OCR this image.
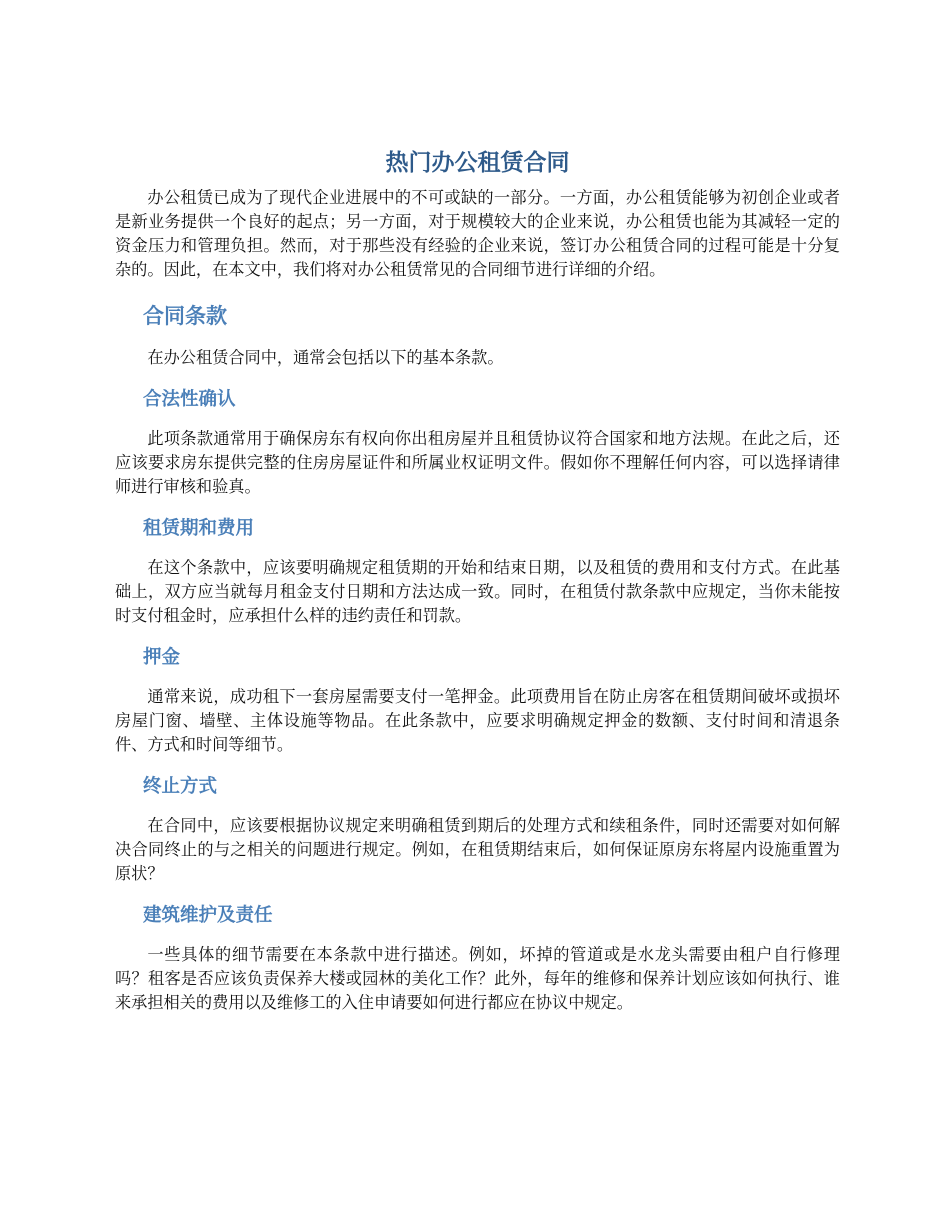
热门办公租赁合同

办公租赁已成为了现代企业进展中的不可或缺的一部分。一方面，办公租赁能够为初创企业或者是新业务提供一个良好的起点；另一方面，对于规模较大的企业来说，办公租赁也能为其减轻一定的资金压力和管理负担。然而，对于那些没有经验的企业来说，签订办公租赁合同的过程可能是十分复杂的。因此，在本文中，我们将对办公租赁常见的合同细节进行详细的介绍。

合同条款

在办公租赁合同中，通常会包括以下的基本条款。

合法性确认

此项条款通常用于确保房东有权向你出租房屋并且租赁协议符合国家和地方法规。在此之后，还应该要求房东提供完整的住房房屋证件和所属业权证明文件。假如你不理解任何内容，可以选择请律师进行审核和验真。

租赁期和费用

在这个条款中，应该要明确规定租赁期的开始和结束日期，以及租赁的费用和支付方式。在此基础上，双方应当就每月租金支付日期和方法达成一致。同时，在租赁付款条款中应规定，当你未能按时支付租金时，应承担什么样的违约责任和罚款。

押金

通常来说，成功租下一套房屋需要支付一笔押金。此项费用旨在防止房客在租赁期间破坏或损坏房屋门窗、墙壁、主体设施等物品。在此条款中，应要求明确规定押金的数额、支付时间和清退条件、方式和时间等细节。

终止方式

在合同中，应该要根据协议规定来明确租赁到期后的处理方式和续租条件，同时还需要对如何解决合同终止的与之相关的问题进行规定。例如，在租赁期结束后，如何保证原房东将屋内设施重置为原状？

建筑维护及责任

一些具体的细节需要在本条款中进行描述。例如，坏掉的管道或是水龙头需要由租户自行修理吗？租客是否应该负责保养大楼或园林的美化工作？此外，每年的维修和保养计划应该如何执行、谁来承担相关的费用以及维修工的入住申请要如何进行都应在协议中规定。
